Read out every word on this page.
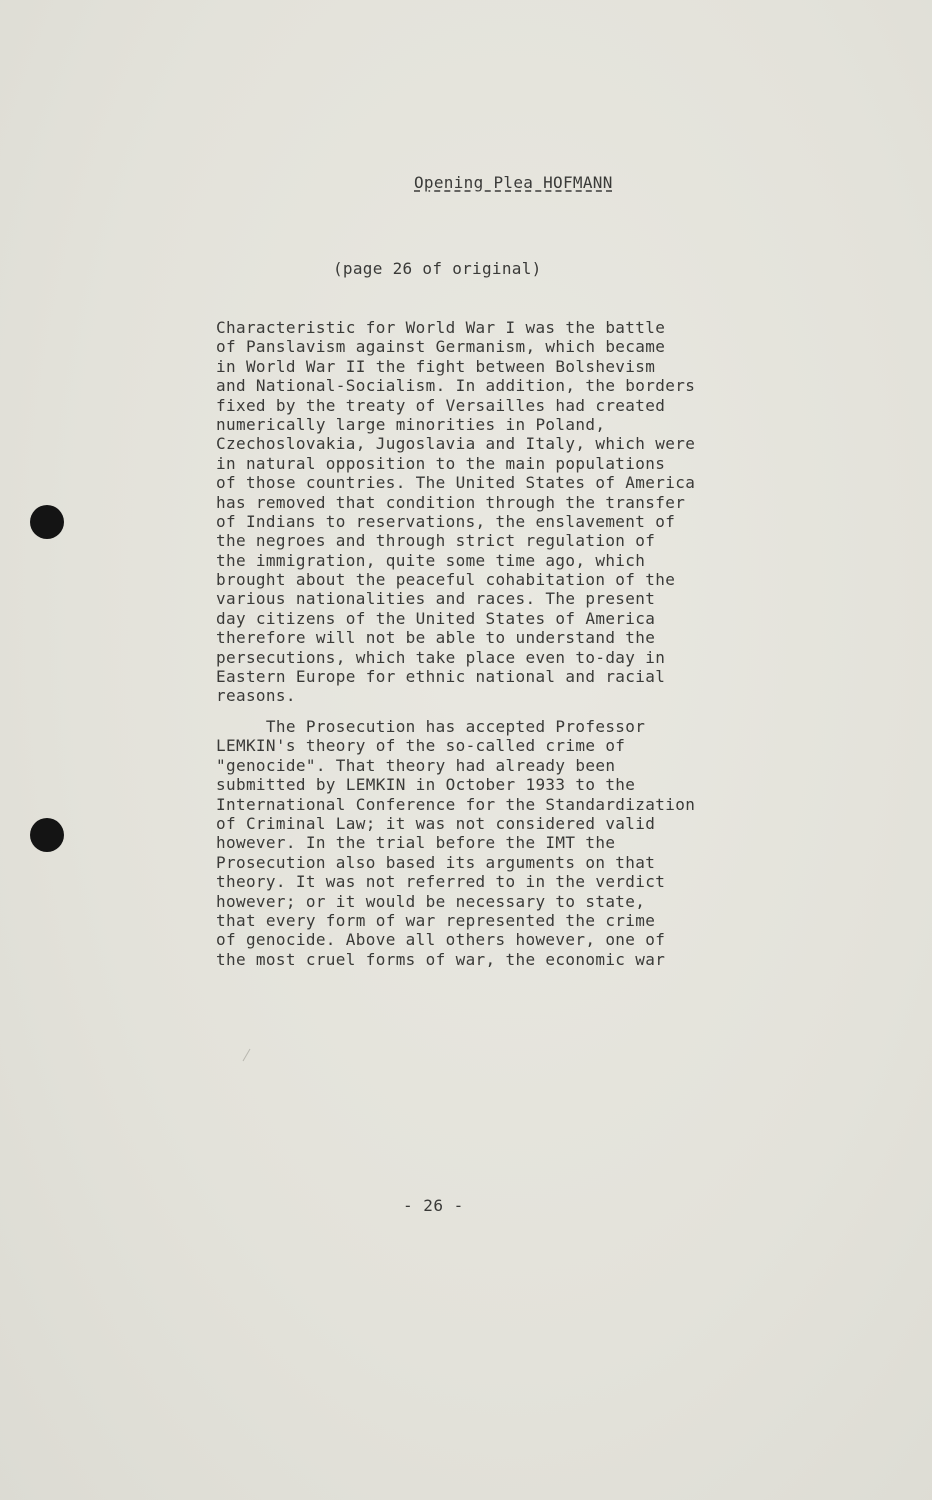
Opening Plea HOFMANN
(page 26 of original)
Characteristic for World War I was the battle
of Panslavism against Germanism, which became
in World War II the fight between Bolshevism
and National-Socialism. In addition, the borders
fixed by the treaty of Versailles had created
numerically large minorities in Poland,
Czechoslovakia, Jugoslavia and Italy, which were
in natural opposition to the main populations
of those countries. The United States of America
has removed that condition through the transfer
of Indians to reservations, the enslavement of
the negroes and through strict regulation of
the immigration, quite some time ago, which
brought about the peaceful cohabitation of the
various nationalities and races. The present
day citizens of the United States of America
therefore will not be able to understand the
persecutions, which take place even to-day in
Eastern Europe for ethnic national and racial
reasons.
The Prosecution has accepted Professor
LEMKIN's theory of the so-called crime of
"genocide". That theory had already been
submitted by LEMKIN in October 1933 to the
International Conference for the Standardization
of Criminal Law; it was not considered valid
however. In the trial before the IMT the
Prosecution also based its arguments on that
theory. It was not referred to in the verdict
however; or it would be necessary to state,
that every form of war represented the crime
of genocide. Above all others however, one of
the most cruel forms of war, the economic war
- 26 -
